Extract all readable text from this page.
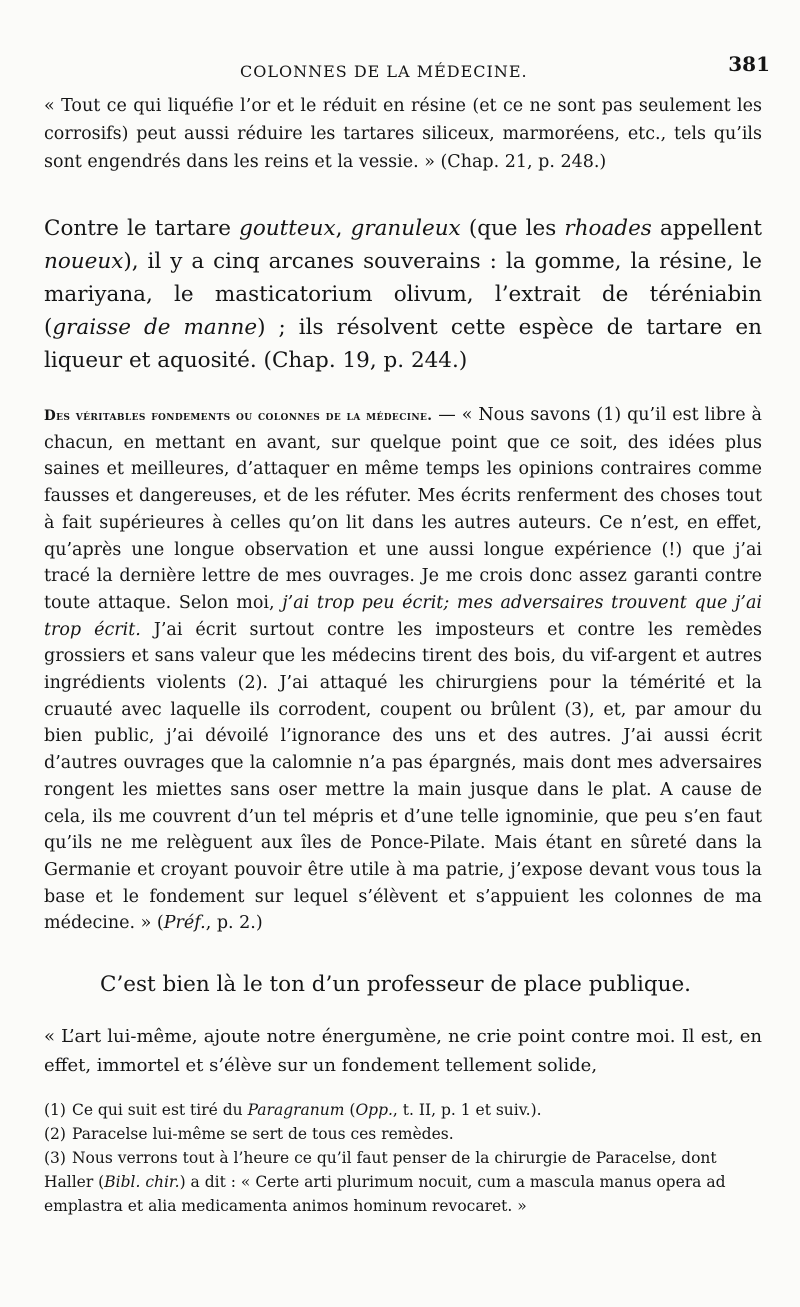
COLONNES DE LA MÉDECINE.	381

« Tout ce qui liquéfie l’or et le réduit en résine (et ce ne sont pas seulement les corrosifs) peut aussi réduire les tartares siliceux, marmoréens, etc., tels qu’ils sont engendrés dans les reins et la vessie. » (Chap. 21, p. 248.)

Contre le tartare goutteux, granuleux (que les rhoades appellent noueux), il y a cinq arcanes souverains : la gomme, la résine, le mariyana, le masticatorium olivum, l’extrait de téréniabin (graisse de manne) ; ils résolvent cette espèce de tartare en liqueur et aquosité. (Chap. 19, p. 244.)

Des véritables fondements ou colonnes de la médecine. — « Nous savons (1) qu’il est libre à chacun, en mettant en avant, sur quelque point que ce soit, des idées plus saines et meilleures, d’attaquer en même temps les opinions contraires comme fausses et dangereuses, et de les réfuter. Mes écrits renferment des choses tout à fait supérieures à celles qu’on lit dans les autres auteurs. Ce n’est, en effet, qu’après une longue observation et une aussi longue expérience (!) que j’ai tracé la dernière lettre de mes ouvrages. Je me crois donc assez garanti contre toute attaque. Selon moi, j’ai trop peu écrit; mes adversaires trouvent que j’ai trop écrit. J’ai écrit surtout contre les imposteurs et contre les remèdes grossiers et sans valeur que les médecins tirent des bois, du vif-argent et autres ingrédients violents (2). J’ai attaqué les chirurgiens pour la témérité et la cruauté avec laquelle ils corrodent, coupent ou brûlent (3), et, par amour du bien public, j’ai dévoilé l’ignorance des uns et des autres. J’ai aussi écrit d’autres ouvrages que la calomnie n’a pas épargnés, mais dont mes adversaires rongent les miettes sans oser mettre la main jusque dans le plat. A cause de cela, ils me couvrent d’un tel mépris et d’une telle ignominie, que peu s’en faut qu’ils ne me relèguent aux îles de Ponce-Pilate. Mais étant en sûreté dans la Germanie et croyant pouvoir être utile à ma patrie, j’expose devant vous tous la base et le fondement sur lequel s’élèvent et s’appuient les colonnes de ma médecine. » (Préf., p. 2.)

C’est bien là le ton d’un professeur de place publique.

« L’art lui-même, ajoute notre énergumène, ne crie point contre moi. Il est, en effet, immortel et s’élève sur un fondement tellement solide,

(1) Ce qui suit est tiré du Paragranum (Opp., t. II, p. 1 et suiv.).

(2) Paracelse lui-même se sert de tous ces remèdes.

(3) Nous verrons tout à l’heure ce qu’il faut penser de la chirurgie de Paracelse, dont Haller (Bibl. chir.) a dit : « Certe arti plurimum nocuit, cum a mascula manus opera ad emplastra et alia medicamenta animos hominum revocaret. »
